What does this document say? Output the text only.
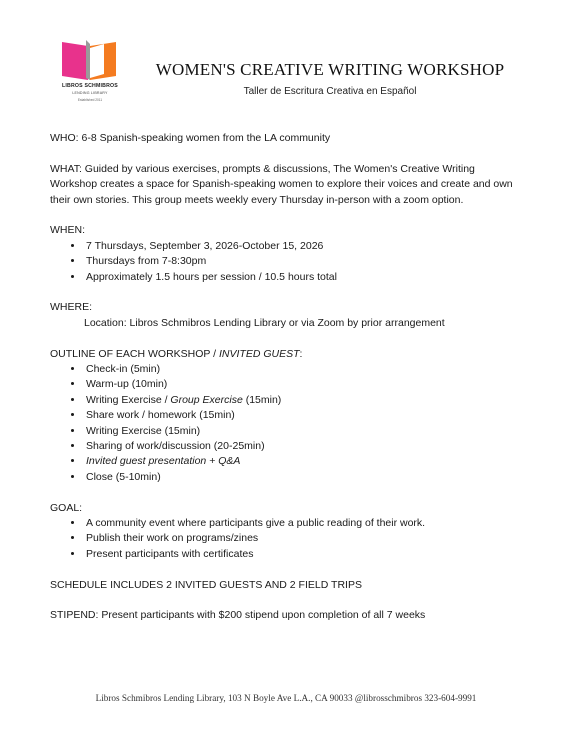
LIBROS SCHMIBROS
LENDING LIBRARY
Established 2011
WOMEN'S CREATIVE WRITING WORKSHOP
Taller de Escritura Creativa en Español

WHO: 6-8 Spanish-speaking women from the LA community

WHAT: Guided by various exercises, prompts & discussions, The Women's Creative Writing Workshop creates a space for Spanish-speaking women to explore their voices and create and own their own stories. This group meets weekly every Thursday in-person with a zoom option.

WHEN:

• 7 Thursdays, September 3, 2026-October 15, 2026
• Thursdays from 7-8:30pm
• Approximately 1.5 hours per session / 10.5 hours total

WHERE:

Location: Libros Schmibros Lending Library or via Zoom by prior arrangement

OUTLINE OF EACH WORKSHOP / INVITED GUEST:

• Check-in (5min)
• Warm-up (10min)
• Writing Exercise / Group Exercise (15min)
• Share work / homework (15min)
• Writing Exercise (15min)
• Sharing of work/discussion (20-25min)
• Invited guest presentation + Q&A
• Close (5-10min)

GOAL:

• A community event where participants give a public reading of their work.
• Publish their work on programs/zines
• Present participants with certificates

SCHEDULE INCLUDES 2 INVITED GUESTS AND 2 FIELD TRIPS

STIPEND: Present participants with $200 stipend upon completion of all 7 weeks

Libros Schmibros Lending Library, 103 N Boyle Ave L.A., CA 90033 @librosschmibros 323-604-9991
